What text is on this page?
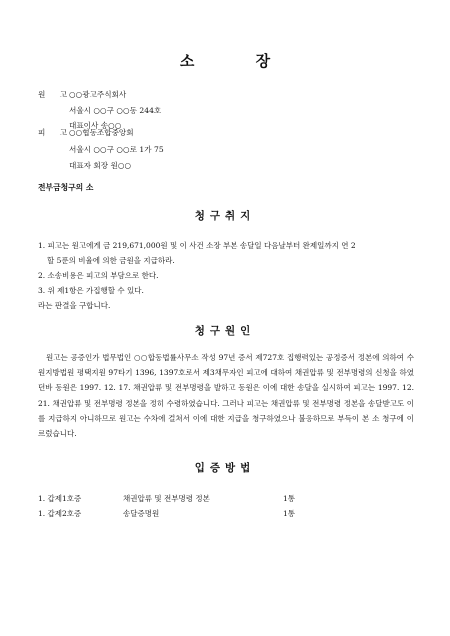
소 장
원 고
○○광고주식회사
서울시 ○○구 ○○동 244호
대표이사 송○○
피 고
○○협동조합중앙회
서울시 ○○구 ○○로 1가 75
대표자 회장 원○○
전부금청구의 소
청구취지
1. 피고는 원고에게 금 219,671,000원 및 이 사건 소장 부본 송달일 다음날부터 완제일까지 연 2
할 5푼의 비율에 의한 금원을 지급하라.
2. 소송비용은 피고의 부담으로 한다.
3. 위 제1항은 가집행할 수 있다.
라는 판결을 구합니다.
청구원인
원고는 공증인가 법무법인 ○○합동법률사무소 작성 97년 증서 제727호 집행력있는 공정증서 정본에 의하여 수원지방법원 평택지원 97타기 1396, 1397호로서 제3채무자인 피고에 대하여 채권압류 및 전부명령의 신청을 하였던바 동원은 1997. 12. 17. 채권압류 및 전부명령을 발하고 동원은 이에 대한 송달을 실시하여 피고는 1997. 12. 21. 채권압류 및 전부명령 정본을 정히 수령하였습니다. 그러나 피고는 채권압류 및 전부명령 정본을 송달받고도 이를 지급하지 아니하므로 원고는 수차에 걸쳐서 이에 대한 지급을 청구하였으나 불응하므로 부득이 본 소 청구에 이르렀습니다.
입증방법
1. 갑제1호증	채권압류 및 전부명령 정본	1통
1. 갑제2호증	송달증명원	1통
